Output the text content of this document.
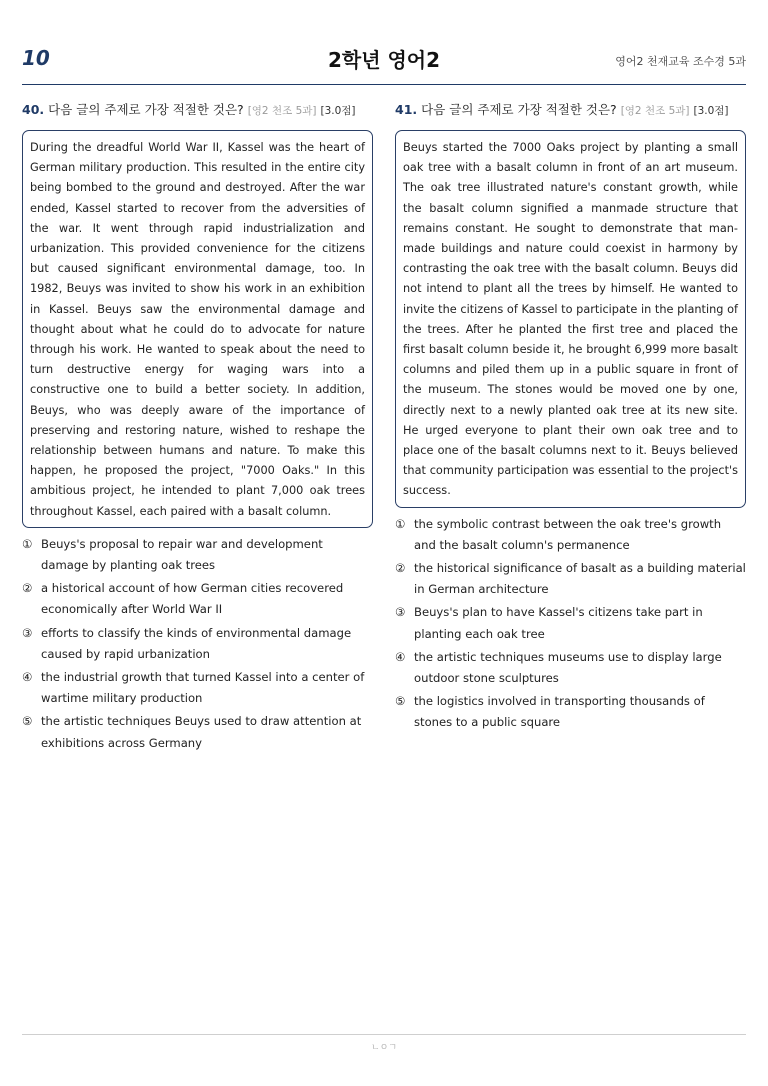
10	2학년 영어2	영어2 천재교육 조수경 5과
40. 다음 글의 주제로 가장 적절한 것은? [영2 천조 5과] [3.0점]
During the dreadful World War II, Kassel was the heart of German military production. This resulted in the entire city being bombed to the ground and destroyed. After the war ended, Kassel started to recover from the adversities of the war. It went through rapid industrialization and urbanization. This provided convenience for the citizens but caused significant environmental damage, too. In 1982, Beuys was invited to show his work in an exhibition in Kassel. Beuys saw the environmental damage and thought about what he could do to advocate for nature through his work. He wanted to speak about the need to turn destructive energy for waging wars into a constructive one to build a better society. In addition, Beuys, who was deeply aware of the importance of preserving and restoring nature, wished to reshape the relationship between humans and nature. To make this happen, he proposed the project, "7000 Oaks." In this ambitious project, he intended to plant 7,000 oak trees throughout Kassel, each paired with a basalt column.
① Beuys's proposal to repair war and development damage by planting oak trees
② a historical account of how German cities recovered economically after World War II
③ efforts to classify the kinds of environmental damage caused by rapid urbanization
④ the industrial growth that turned Kassel into a center of wartime military production
⑤ the artistic techniques Beuys used to draw attention at exhibitions across Germany
41. 다음 글의 주제로 가장 적절한 것은? [영2 천조 5과] [3.0점]
Beuys started the 7000 Oaks project by planting a small oak tree with a basalt column in front of an art museum. The oak tree illustrated nature's constant growth, while the basalt column signified a manmade structure that remains constant. He sought to demonstrate that man-made buildings and nature could coexist in harmony by contrasting the oak tree with the basalt column. Beuys did not intend to plant all the trees by himself. He wanted to invite the citizens of Kassel to participate in the planting of the trees. After he planted the first tree and placed the first basalt column beside it, he brought 6,999 more basalt columns and piled them up in a public square in front of the museum. The stones would be moved one by one, directly next to a newly planted oak tree at its new site. He urged everyone to plant their own oak tree and to place one of the basalt columns next to it. Beuys believed that community participation was essential to the project's success.
① the symbolic contrast between the oak tree's growth and the basalt column's permanence
② the historical significance of basalt as a building material in German architecture
③ Beuys's plan to have Kassel's citizens take part in planting each oak tree
④ the artistic techniques museums use to display large outdoor stone sculptures
⑤ the logistics involved in transporting thousands of stones to a public square
ㄴㅇㄱ
